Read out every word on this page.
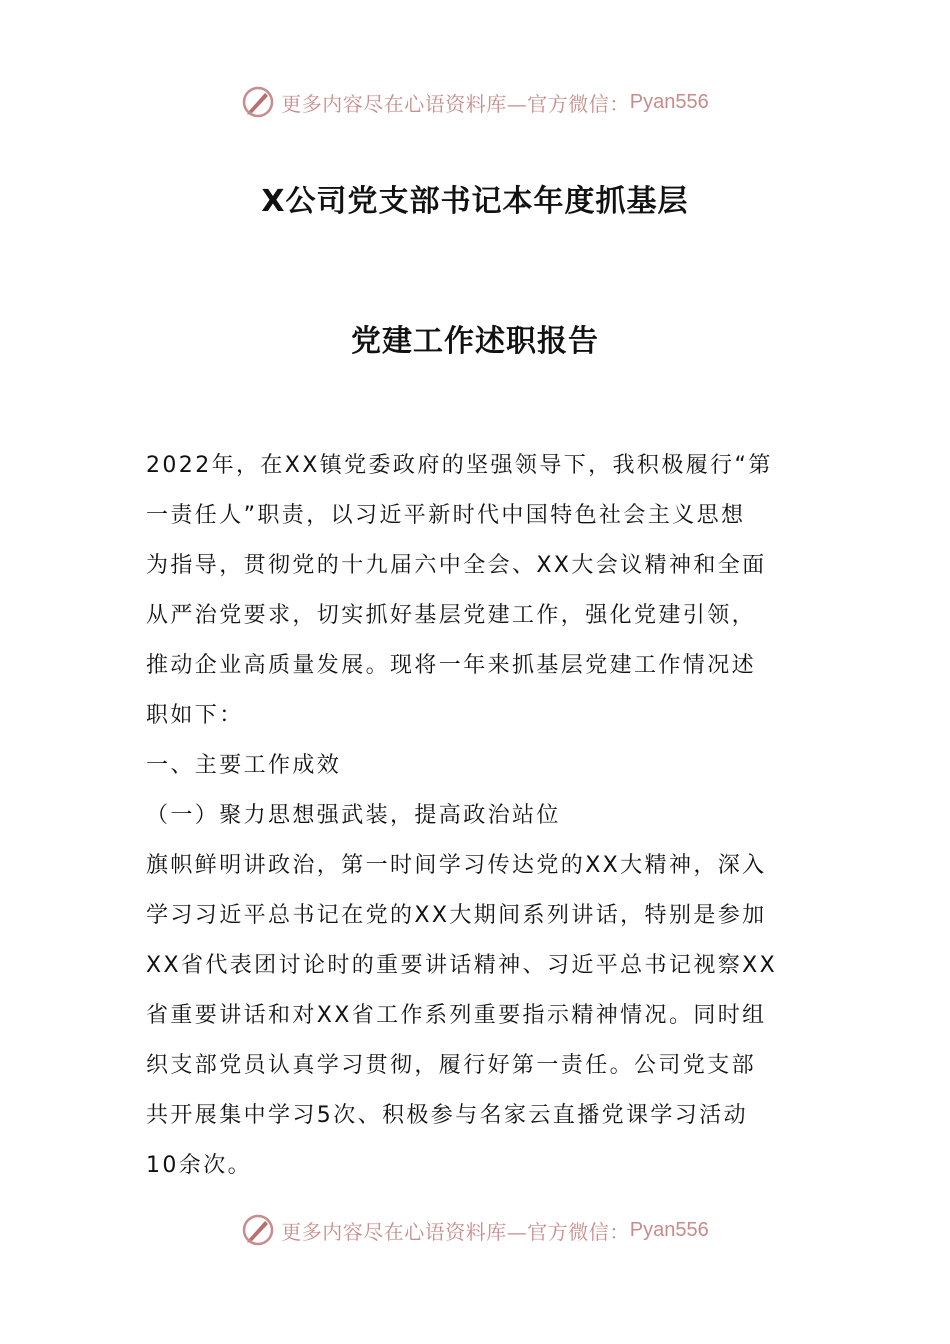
更多内容尽在心语资料库—官方微信： Pyan556
X公司党支部书记本年度抓基层
党建工作述职报告

2022年，在XX镇党委政府的坚强领导下，我积极履行“第

一责任人”职责，以习近平新时代中国特色社会主义思想

为指导，贯彻党的十九届六中全会、XX大会议精神和全面

从严治党要求，切实抓好基层党建工作，强化党建引领，

推动企业高质量发展。现将一年来抓基层党建工作情况述

职如下：

一、主要工作成效

（一）聚力思想强武装，提高政治站位

旗帜鲜明讲政治，第一时间学习传达党的XX大精神，深入

学习习近平总书记在党的XX大期间系列讲话，特别是参加

XX省代表团讨论时的重要讲话精神、习近平总书记视察XX

省重要讲话和对XX省工作系列重要指示精神情况。同时组

织支部党员认真学习贯彻，履行好第一责任。公司党支部

共开展集中学习5次、积极参与名家云直播党课学习活动

10余次。

更多内容尽在心语资料库—官方微信： Pyan556
